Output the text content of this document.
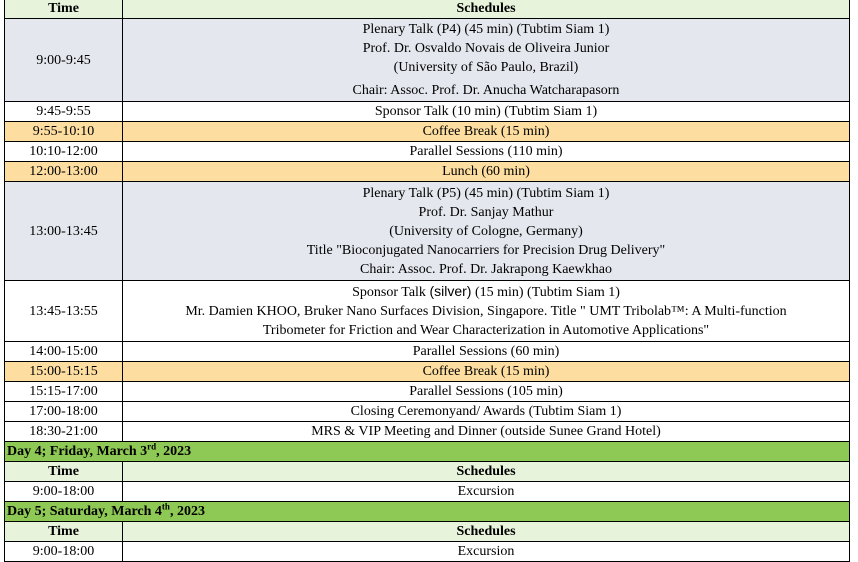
Time	Schedules
9:00-9:45	Plenary Talk (P4) (45 min) (Tubtim Siam 1)
Prof. Dr. Osvaldo Novais de Oliveira Junior
(University of São Paulo, Brazil)
Chair: Assoc. Prof. Dr. Anucha Watcharapasorn

9:45-9:55	Sponsor Talk (10 min) (Tubtim Siam 1)
9:55-10:10	Coffee Break (15 min)
10:10-12:00	Parallel Sessions (110 min)
12:00-13:00	Lunch (60 min)
13:00-13:45	Plenary Talk (P5) (45 min) (Tubtim Siam 1)
Prof. Dr. Sanjay Mathur
(University of Cologne, Germany)
Title "Bioconjugated Nanocarriers for Precision Drug Delivery"
Chair: Assoc. Prof. Dr. Jakrapong Kaewkhao

13:45-13:55	Sponsor Talk (silver) (15 min) (Tubtim Siam 1)
Mr. Damien KHOO, Bruker Nano Surfaces Division, Singapore. Title " UMT Tribolab™: A Multi-function
Tribometer for Friction and Wear Characterization in Automotive Applications"

14:00-15:00	Parallel Sessions (60 min)
15:00-15:15	Coffee Break (15 min)
15:15-17:00	Parallel Sessions (105 min)
17:00-18:00	Closing Ceremonyand/ Awards (Tubtim Siam 1)
18:30-21:00	MRS & VIP Meeting and Dinner (outside Sunee Grand Hotel)
Day 4; Friday, March 3rd, 2023	
Time	Schedules
9:00-18:00	Excursion
Day 5; Saturday, March 4th, 2023	
Time	Schedules
9:00-18:00	Excursion
